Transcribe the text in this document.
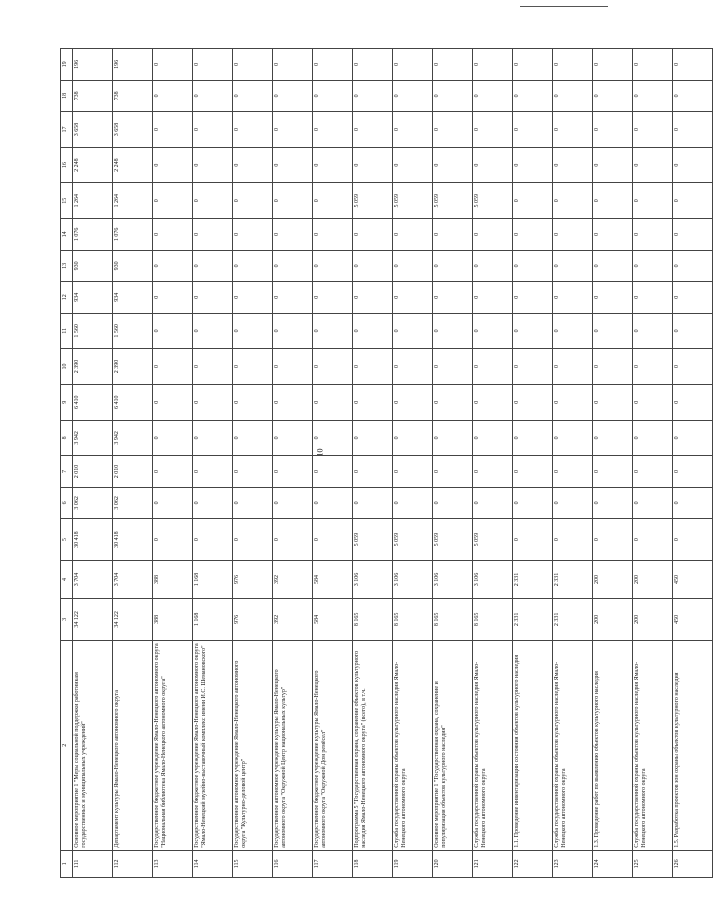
10
1	2	3	4	5	6	7	8	9	10	11	12	13	14	15	16	17	18	19
111	Основное мероприятие 1 "Меры социальной поддержки работникам государственных и муниципальных учреждений"	34 122	3 704	30 418	3 062	2 010	3 942	6 410	2 390	1 560	934	930	1 076	1 264	2 248	3 658	738	196
112	Департамент культуры Ямало-Ненецкого автономного округа	34 122	3 704	30 418	3 062	2 010	3 942	6 410	2 390	1 560	934	930	1 076	1 264	2 248	3 658	738	196
113	Государственное бюджетное учреждение Ямало-Ненецкого автономного округа "Национальная библиотека Ямало-Ненецкого автономного округа"	388	388	0	0	0	0	0	0	0	0	0	0	0	0	0	0	0
114	Государственное бюджетное учреждение Ямало-Ненецкого автономного округа "Ямало-Ненецкий музейно-выставочный комплекс имени И.С. Шемановского"	1 168	1 168	0	0	0	0	0	0	0	0	0	0	0	0	0	0	0
115	Государственное автономное учреждение Ямало-Ненецкого автономного округа "Культурно-деловой центр"	976	976	0	0	0	0	0	0	0	0	0	0	0	0	0	0	0
116	Государственное автономное учреждение культуры Ямало-Ненецкого автономного округа "Окружной Центр национальных культур"	392	392	0	0	0	0	0	0	0	0	0	0	0	0	0	0	0
117	Государственное бюджетное учреждение культуры Ямало-Ненецкого автономного округа "Окружной Дом ремёсел"	584	584	0	0	0	0	0	0	0	0	0	0	0	0	0	0	0
118	Подпрограмма 5 "Государственная охрана, сохранение объектов культурного наследия Ямало-Ненецкого автономного округа" (всего), в т.ч.	8 165	3 106	5 059	0	0	0	0	0	0	0	0	0	5 059	0	0	0	0
119	Служба государственной охраны объектов культурного наследия Ямало-Ненецкого автономного округа	8 165	3 106	5 059	0	0	0	0	0	0	0	0	0	5 059	0	0	0	0
120	Основное мероприятие 1 "Государственная охрана, сохранение и популяризация объектов культурного наследия"	8 165	3 106	5 059	0	0	0	0	0	0	0	0	0	5 059	0	0	0	0
121	Служба государственной охраны объектов культурного наследия Ямало-Ненецкого автономного округа	8 165	3 106	5 059	0	0	0	0	0	0	0	0	0	5 059	0	0	0	0
122	1.1. Проведение инвентаризации состояния объектов культурного наследия	2 331	2 331	0	0	0	0	0	0	0	0	0	0	0	0	0	0	0
123	Служба государственной охраны объектов культурного наследия Ямало-Ненецкого автономного округа	2 331	2 331	0	0	0	0	0	0	0	0	0	0	0	0	0	0	0
124	1.3. Проведение работ по выявлению объектов культурного наследия	200	200	0	0	0	0	0	0	0	0	0	0	0	0	0	0	0
125	Служба государственной охраны объектов культурного наследия Ямало-Ненецкого автономного округа	200	200	0	0	0	0	0	0	0	0	0	0	0	0	0	0	0
126	1.5. Разработка проектов зон охраны объектов культурного наследия	450	450	0	0	0	0	0	0	0	0	0	0	0	0	0	0	0
